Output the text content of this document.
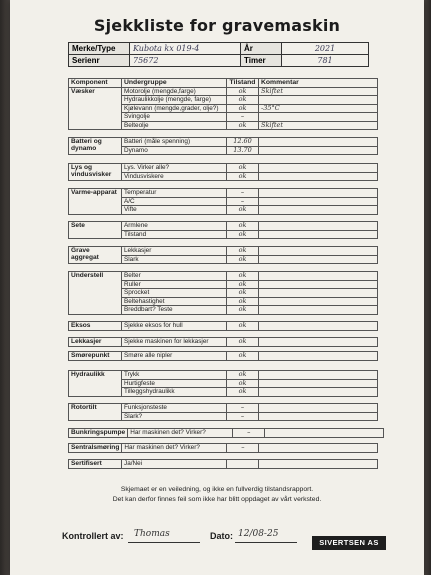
Sjekkliste for gravemaskin
Merke/Type	Kubota kx 019-4	År	2021
Serienr	75672	Timer	781
Komponent	Undergruppe	Tilstand	Kommentar
Væsker	Motorolje (mengde,farge)	ok	Skiftet
	Hydraulikkolje (mengde, farge)	ok	
	Kjølevann (mengde,grader, olje?)	ok	-35°C
	Svingolje	–	
	Belteolje	ok	Skiftet
Batteri og dynamo	Batteri (måle spenning)	12.60	
	Dynamo	13.70	
Lys og vindusvisker	Lys. Virker alle?	ok	
	Vindusviskere	ok	
Varme-apparat	Temperatur	–	
	A/C	–	
	Vifte	ok	
Sete	Armlene	ok	
	Tilstand	ok	
Grave aggregat	Lekkasjer	ok	
	Slark	ok	
Understell	Belter	ok	
	Ruller	ok	
	Sprocket	ok	
	Beltehastighet	ok	
	Breddbart? Teste	ok	
Eksos	Sjekke eksos for hull	ok	
Lekkasjer	Sjekke maskinen for lekkasjer	ok	
Smørepunkt	Smøre alle nipler	ok	
Hydraulikk	Trykk	ok	
	Hurtigfeste	ok	
	Tilleggshydraulikk	ok	
Rotortilt	Funksjonsteste	–	
	Slark?	–	
Bunkringspumpe	Har maskinen det? Virker?	–	
Sentralsmøring	Har maskinen det? Virker?	–	
Sertifisert	Ja/Nei		
Skjemaet er en veiledning, og ikke en fullverdig tilstandsrapport.
Det kan derfor finnes feil som ikke har blitt oppdaget av vårt verksted.
Kontrollert av: Thomas	Dato: 12/08-25
SIVERTSEN AS
